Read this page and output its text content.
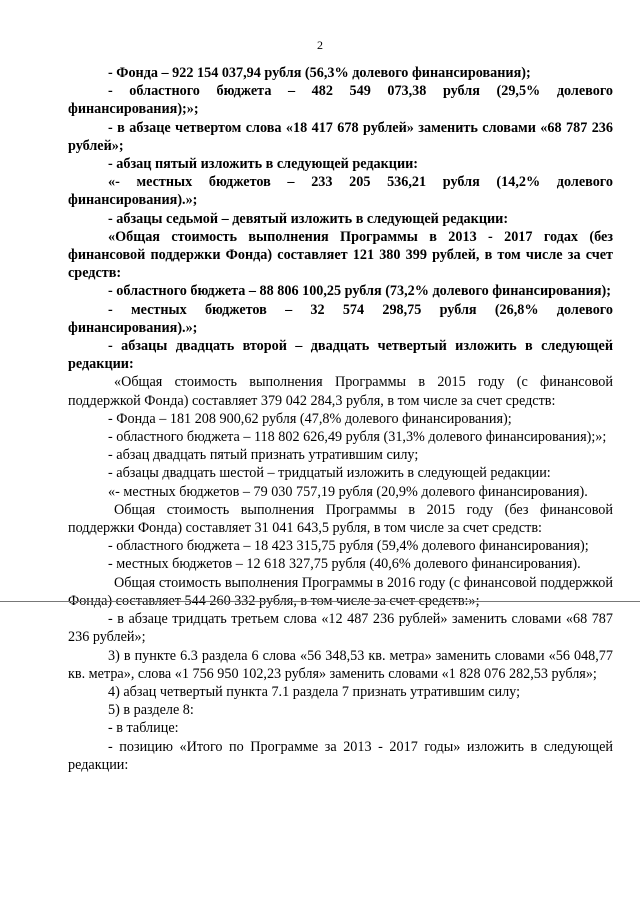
2

- Фонда – 922 154 037,94 рубля (56,3% долевого финансирования);

- областного бюджета – 482 549 073,38 рубля (29,5% долевого финансирования);»;

- в абзаце четвертом слова «18 417 678 рублей» заменить словами «68 787 236 рублей»;

- абзац пятый изложить в следующей редакции:

«- местных бюджетов – 233 205 536,21 рубля (14,2% долевого финансирования).»;

- абзацы седьмой – девятый изложить в следующей редакции:

«Общая стоимость выполнения Программы в 2013 - 2017 годах (без финансовой поддержки Фонда) составляет 121 380 399 рублей, в том числе за счет средств:

- областного бюджета – 88 806 100,25 рубля (73,2% долевого финансирования);

- местных бюджетов – 32 574 298,75 рубля (26,8% долевого финансирования).»;

- абзацы двадцать второй – двадцать четвертый изложить в следующей редакции:

«Общая стоимость выполнения Программы в 2015 году (с финансовой поддержкой Фонда) составляет 379 042 284,3 рубля, в том числе за счет средств:

- Фонда – 181 208 900,62 рубля (47,8% долевого финансирования);

- областного бюджета – 118 802 626,49 рубля (31,3% долевого финансирования);»;

- абзац двадцать пятый признать утратившим силу;

- абзацы двадцать шестой – тридцатый изложить в следующей редакции:

«- местных бюджетов – 79 030 757,19 рубля (20,9% долевого финансирования).

Общая стоимость выполнения Программы в 2015 году (без финансовой поддержки Фонда) составляет 31 041 643,5 рубля, в том числе за счет средств:

- областного бюджета – 18 423 315,75 рубля (59,4% долевого финансирования);

- местных бюджетов – 12 618 327,75 рубля (40,6% долевого финансирования).

Общая стоимость выполнения Программы в 2016 году (с финансовой поддержкой Фонда) составляет 544 260 332 рубля, в том числе за счет средств:»;

- в абзаце тридцать третьем слова «12 487 236 рублей» заменить словами «68 787 236 рублей»;

3) в пункте 6.3 раздела 6 слова «56 348,53 кв. метра» заменить словами «56 048,77 кв. метра», слова «1 756 950 102,23 рубля» заменить словами «1 828 076 282,53 рубля»;

4) абзац четвертый пункта 7.1 раздела 7 признать утратившим силу;

5) в разделе 8:

- в таблице:

- позицию «Итого по Программе за 2013 - 2017 годы» изложить в следующей редакции:
